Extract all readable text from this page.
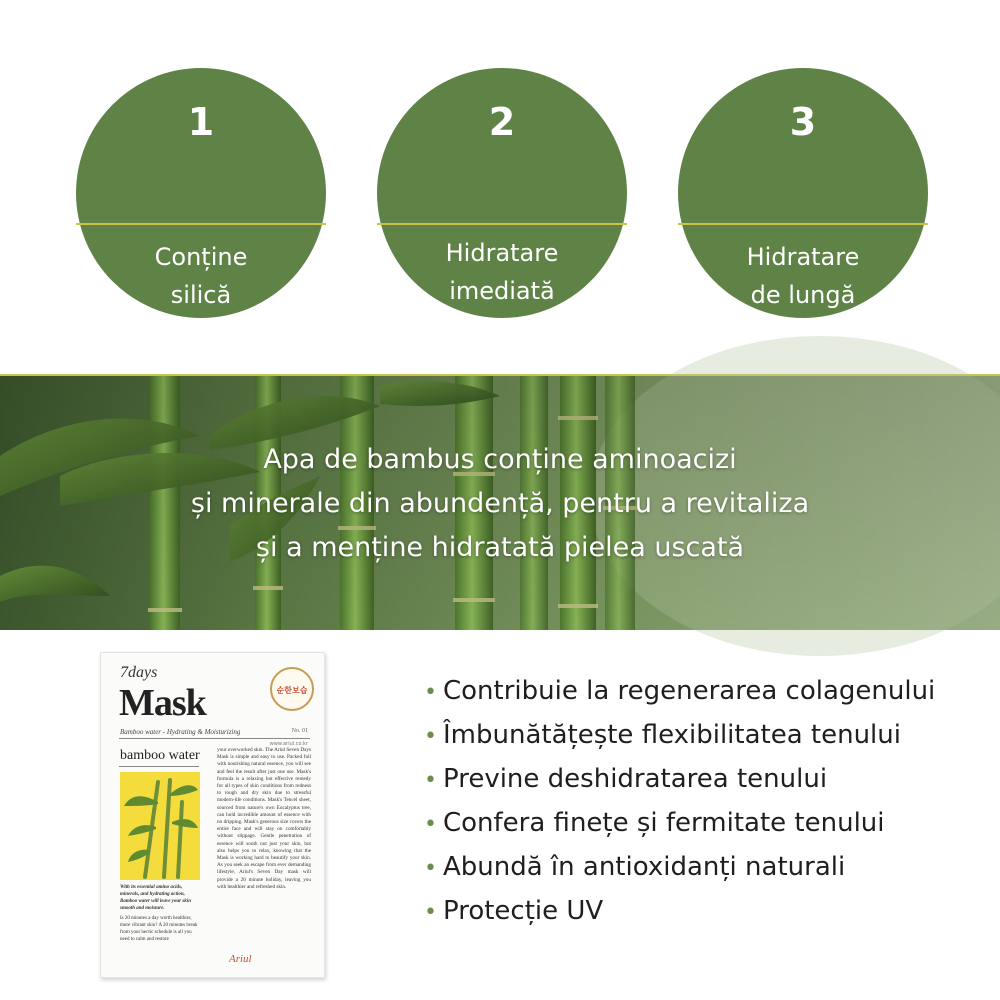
1
Conține
silică
naturală
2
Hidratare
imediată
3
Hidratare
de lungă
durată
Apa de bambus conține aminoacizi
și minerale din abundență, pentru a revitaliza
și a menține hidratată pielea uscată
7days
Mask	순한보습
Bamboo water - Hydrating & Moisturizing	No. 01
www.ariul.co.kr
bamboo water
With its essential amino acids, minerals, and hydrating action, Bamboo water will leave your skin smooth and moisture.
Is 20 minutes a day worth healthier, more vibrant skin? A 20 minutes break from your hectic schedule is all you need to calm and restore
your overworked skin. The Ariul Seven Days Mask is simple and easy to use. Packed full with nourishing natural essence, you will see and feel the result after just one use. Mask's formula is a relaxing but effective remedy for all types of skin conditions from redness to rough and dry skin due to stressful modern-life conditions. Mask's Tencel sheet, sourced from nature's own Eucalyptus tree, can hold incredible amount of essence with no dripping. Mask's generous size covers the entire face and will stay on comfortably without slippage. Gentle penetration of essence will sooth not just your skin, but also helps you to relax, knowing that the Mask is working hard to beautify your skin. As you seek an escape from ever demanding lifestyle, Ariul's Seven Day mask will provide a 20 minute holiday, leaving you with healthier and refreshed skin.
Ariul
• Contribuie la regenerarea colagenului
• Îmbunătățește flexibilitatea tenului
• Previne deshidratarea tenului
• Confera finețe și fermitate tenului
• Abundă în antioxidanți naturali
• Protecție UV
